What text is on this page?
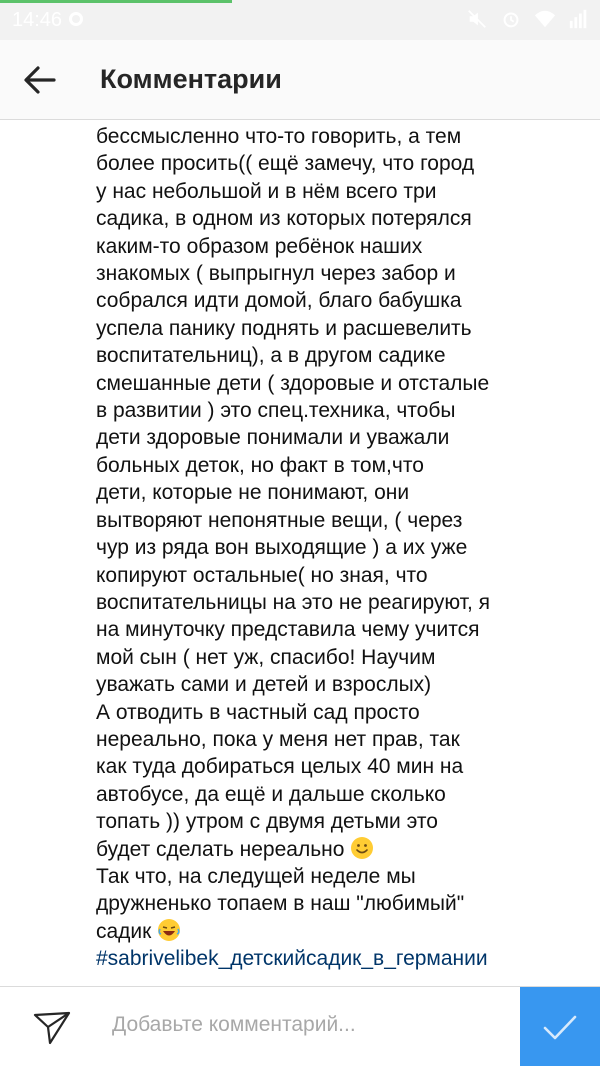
14:46
Комментарии
бессмысленно что-то говорить, а тем
более просить(( ещё замечу, что город
у нас небольшой и в нём всего три
садика, в одном из которых потерялся
каким-то образом ребёнок наших
знакомых ( выпрыгнул через забор и
собрался идти домой, благо бабушка
успела панику поднять и расшевелить
воспитательниц), а в другом садике
смешанные дети ( здоровые и отсталые
в развитии ) это спец.техника, чтобы
дети здоровые понимали и уважали
больных деток, но факт в том,что
дети, которые не понимают, они
вытворяют непонятные вещи, ( через
чур из ряда вон выходящие ) а их уже
копируют остальные( но зная, что
воспитательницы на это не реагируют, я
на минуточку представила чему учится
мой сын ( нет уж, спасибо! Научим
уважать сами и детей и взрослых)
А отводить в частный сад просто
нереально, пока у меня нет прав, так
как туда добираться целых 40 мин на
автобусе, да ещё и дальше сколько
топать )) утром с двумя детьми это
будет сделать нереально
Так что, на следущей неделе мы
дружненько топаем в наш "любимый"
садик
#sabrivelibek_детскийсадик_в_германии
Добавьте комментарий...
